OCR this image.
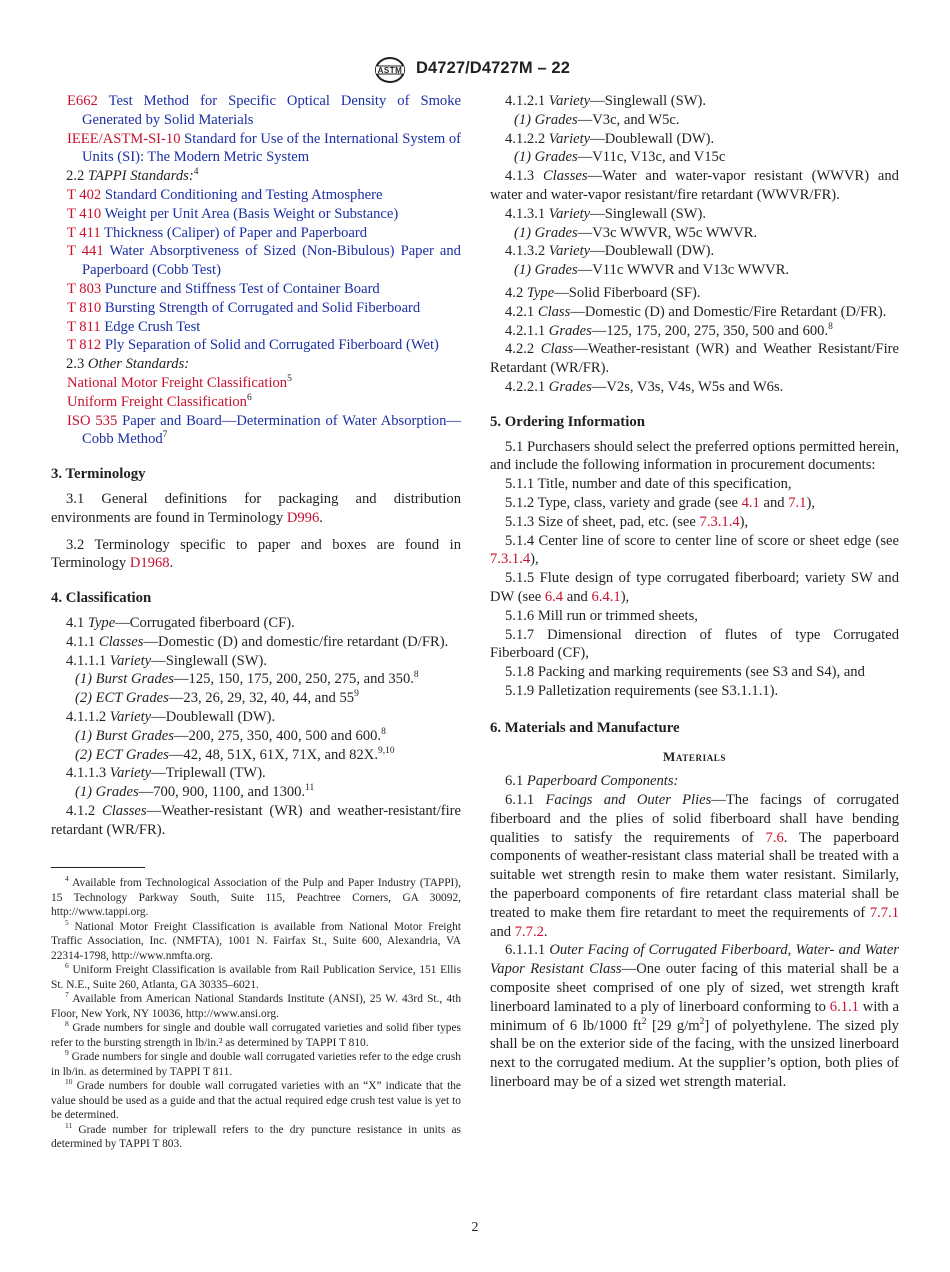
ASTM D4727/D4727M – 22

E662 Test Method for Specific Optical Density of Smoke Generated by Solid Materials

IEEE/ASTM-SI-10 Standard for Use of the International System of Units (SI): The Modern Metric System

2.2 TAPPI Standards:$^4$

T 402 Standard Conditioning and Testing Atmosphere

T 410 Weight per Unit Area (Basis Weight or Substance)

T 411 Thickness (Caliper) of Paper and Paperboard

T 441 Water Absorptiveness of Sized (Non-Bibulous) Paper and Paperboard (Cobb Test)

T 803 Puncture and Stiffness Test of Container Board

T 810 Bursting Strength of Corrugated and Solid Fiberboard

T 811 Edge Crush Test

T 812 Ply Separation of Solid and Corrugated Fiberboard (Wet)

2.3 Other Standards:

National Motor Freight Classification$^5$

Uniform Freight Classification$^6$

ISO 535 Paper and Board—Determination of Water Absorption—Cobb Method$^7$

3. Terminology

3.1 General definitions for packaging and distribution environments are found in Terminology D996.

3.2 Terminology specific to paper and boxes are found in Terminology D1968.

4. Classification

4.1 Type—Corrugated fiberboard (CF).

4.1.1 Classes—Domestic (D) and domestic/fire retardant (D/FR).

4.1.1.1 Variety—Singlewall (SW).

(1) Burst Grades—125, 150, 175, 200, 250, 275, and 350.$^8$

(2) ECT Grades—23, 26, 29, 32, 40, 44, and $55^9$

4.1.1.2 Variety—Doublewall (DW).

(1) Burst Grades—200, 275, 350, 400, 500 and 600.$^8$

(2) ECT Grades—42, 48, 51X, 61X, 71X, and 82X.$^{9,10}$

4.1.1.3 Variety—Triplewall (TW).

(1) Grades—700, 900, 1100, and 1300.11

4.1.2 Classes—Weather-resistant (WR) and weather-resistant/fire retardant (WR/FR).

$^4$ Available from Technological Association of the Pulp and Paper Industry (TAPPI), 15 Technology Parkway South, Suite 115, Peachtree Corners, GA 30092, http://www.tappi.org.

$^5$ National Motor Freight Classification is available from National Motor Freight Traffic Association, Inc. (NMFTA), 1001 N. Fairfax St., Suite 600, Alexandria, VA 22314-1798, http://www.nmfta.org.

$^6$ Uniform Freight Classification is available from Rail Publication Service, 151 Ellis St. N.E., Suite 260, Atlanta, GA 30335–6021.

$^7$ Available from American National Standards Institute (ANSI), 25 W. 43rd St., 4th Floor, New York, NY 10036, http://www.ansi.org.

$^8$ Grade numbers for single and double wall corrugated varieties and solid fiber types refer to the bursting strength in lb/in.² as determined by TAPPI T 810.

$^9$ Grade numbers for single and double wall corrugated varieties refer to the edge crush in lb/in. as determined by TAPPI T 811.

$^{10}$ Grade numbers for double wall corrugated varieties with an “X” indicate that the value should be used as a guide and that the actual required edge crush test value is yet to be determined.

$^{11}$ Grade number for triplewall refers to the dry puncture resistance in units as determined by TAPPI T 803.

4.1.2.1 Variety—Singlewall (SW).

(1) Grades—V3c, and W5c.

4.1.2.2 Variety—Doublewall (DW).

(1) Grades—V11c, V13c, and V15c

4.1.3 Classes—Water and water-vapor resistant (WWVR) and water and water-vapor resistant/fire retardant (WWVR/FR).

4.1.3.1 Variety—Singlewall (SW).

(1) Grades—V3c WWVR, W5c WWVR.

4.1.3.2 Variety—Doublewall (DW).

(1) Grades—V11c WWVR and V13c WWVR.

4.2 Type—Solid Fiberboard (SF).

4.2.1 Class—Domestic (D) and Domestic/Fire Retardant (D/FR).

4.2.1.1 Grades—125, 175, 200, 275, 350, 500 and 600.$^8$

4.2.2 Class—Weather-resistant (WR) and Weather Resistant/Fire Retardant (WR/FR).

4.2.2.1 Grades—V2s, V3s, V4s, W5s and W6s.

5. Ordering Information

5.1 Purchasers should select the preferred options permitted herein, and include the following information in procurement documents:

5.1.1 Title, number and date of this specification,

5.1.2 Type, class, variety and grade (see 4.1 and 7.1),

5.1.3 Size of sheet, pad, etc. (see 7.3.1.4),

5.1.4 Center line of score to center line of score or sheet edge (see 7.3.1.4),

5.1.5 Flute design of type corrugated fiberboard; variety SW and DW (see 6.4 and 6.4.1),

5.1.6 Mill run or trimmed sheets,

5.1.7 Dimensional direction of flutes of type Corrugated Fiberboard (CF),

5.1.8 Packing and marking requirements (see S3 and S4), and

5.1.9 Palletization requirements (see S3.1.1.1).

6. Materials and Manufacture
Materials

6.1 Paperboard Components:

6.1.1 Facings and Outer Plies—The facings of corrugated fiberboard and the plies of solid fiberboard shall have bending qualities to satisfy the requirements of 7.6. The paperboard components of weather-resistant class material shall be treated with a suitable wet strength resin to make them water resistant. Similarly, the paperboard components of fire retardant class material shall be treated to make them fire retardant to meet the requirements of 7.7.1 and 7.7.2.

6.1.1.1 Outer Facing of Corrugated Fiberboard, Water- and Water Vapor Resistant Class—One outer facing of this material shall be a composite sheet comprised of one ply of sized, wet strength kraft linerboard laminated to a ply of linerboard conforming to 6.1.1 with a minimum of 6 lb/1000 $ft^2$ [29 $g/m^2$] of polyethylene. The sized ply shall be on the exterior side of the facing, with the unsized linerboard next to the corrugated medium. At the supplier’s option, both plies of linerboard may be of a sized wet strength material.

2
